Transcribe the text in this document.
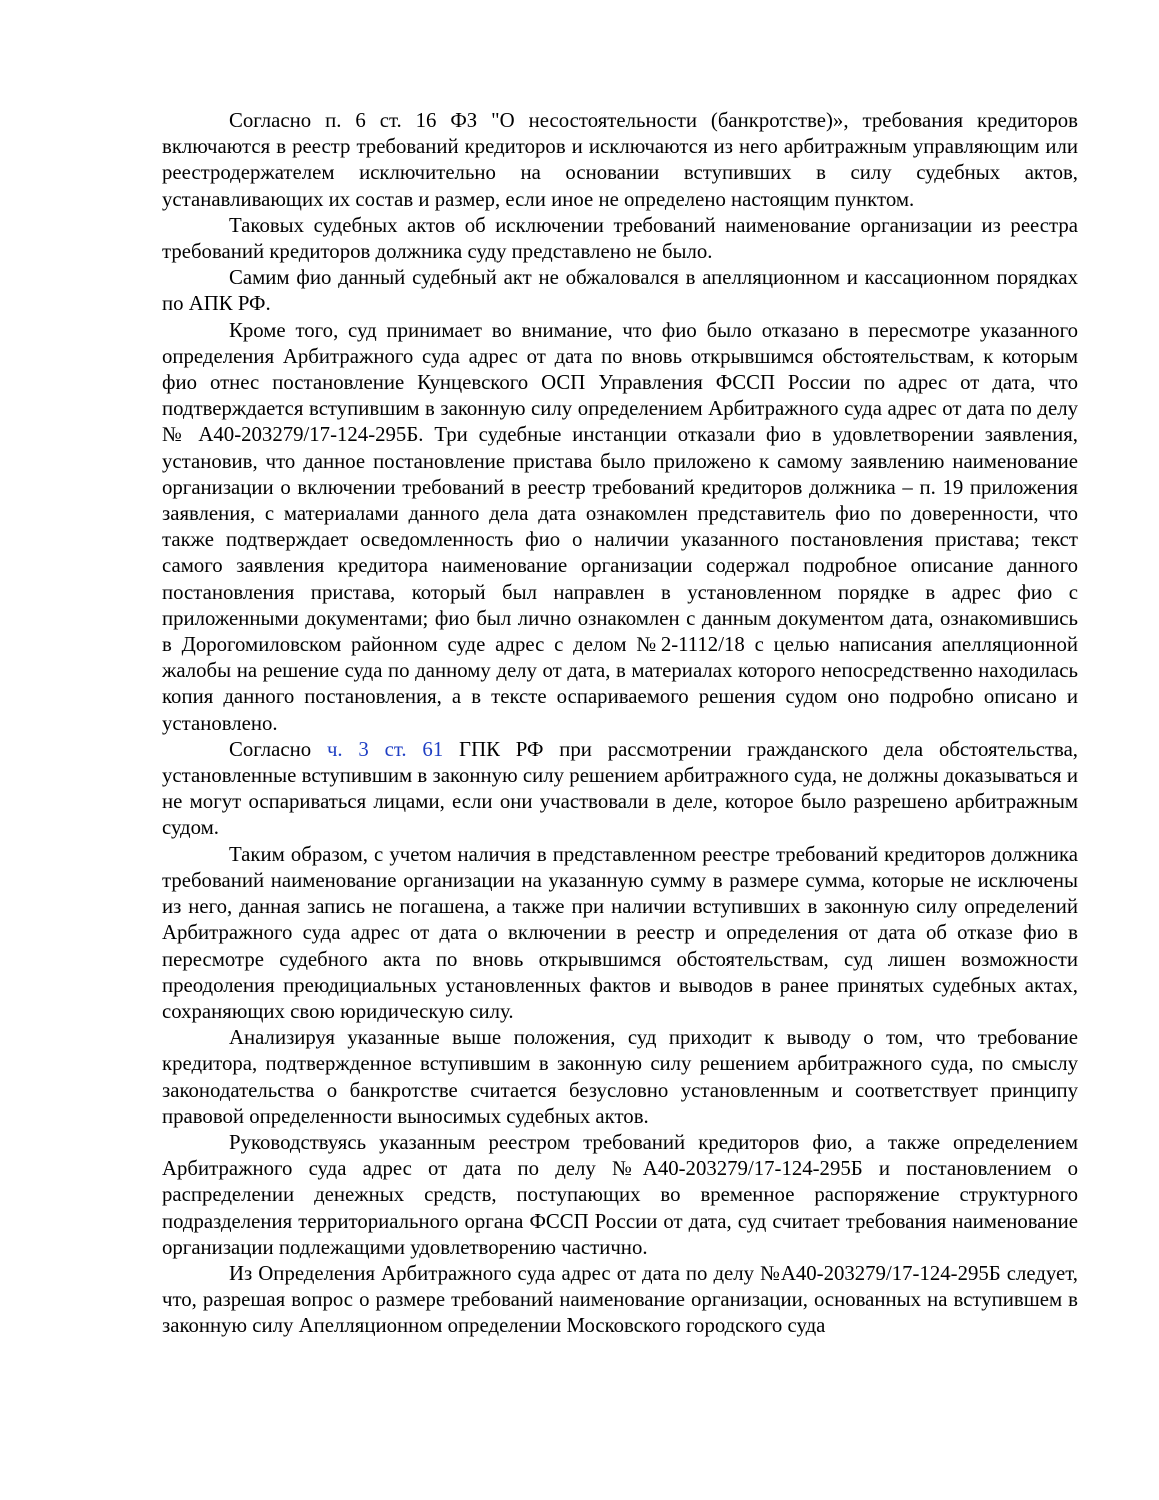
Согласно п. 6 ст. 16 ФЗ "О несостоятельности (банкротстве)», требования кредиторов включаются в реестр требований кредиторов и исключаются из него арбитражным управляющим или реестродержателем исключительно на основании вступивших в силу судебных актов, устанавливающих их состав и размер, если иное не определено настоящим пунктом.

Таковых судебных актов об исключении требований наименование организации из реестра требований кредиторов должника суду представлено не было.

Самим фио данный судебный акт не обжаловался в апелляционном и кассационном порядках по АПК РФ.

Кроме того, суд принимает во внимание, что фио было отказано в пересмотре указанного определения Арбитражного суда адрес от дата по вновь открывшимся обстоятельствам, к которым фио отнес постановление Кунцевского ОСП Управления ФССП России по адрес от дата, что подтверждается вступившим в законную силу определением Арбитражного суда адрес от дата по делу № А40-203279/17-124-295Б. Три судебные инстанции отказали фио в удовлетворении заявления, установив, что данное постановление пристава было приложено к самому заявлению наименование организации о включении требований в реестр требований кредиторов должника – п. 19 приложения заявления, с материалами данного дела дата ознакомлен представитель фио по доверенности, что также подтверждает осведомленность фио о наличии указанного постановления пристава; текст самого заявления кредитора наименование организации содержал подробное описание данного постановления пристава, который был направлен в установленном порядке в адрес фио с приложенными документами; фио был лично ознакомлен с данным документом дата, ознакомившись в Дорогомиловском районном суде адрес с делом №2-1112/18 с целью написания апелляционной жалобы на решение суда по данному делу от дата, в материалах которого непосредственно находилась копия данного постановления, а в тексте оспариваемого решения судом оно подробно описано и установлено.

Согласно ч. 3 ст. 61 ГПК РФ при рассмотрении гражданского дела обстоятельства, установленные вступившим в законную силу решением арбитражного суда, не должны доказываться и не могут оспариваться лицами, если они участвовали в деле, которое было разрешено арбитражным судом.

Таким образом, с учетом наличия в представленном реестре требований кредиторов должника требований наименование организации на указанную сумму в размере сумма, которые не исключены из него, данная запись не погашена, а также при наличии вступивших в законную силу определений Арбитражного суда адрес от дата о включении в реестр и определения от дата об отказе фио в пересмотре судебного акта по вновь открывшимся обстоятельствам, суд лишен возможности преодоления преюдициальных установленных фактов и выводов в ранее принятых судебных актах, сохраняющих свою юридическую силу.

Анализируя указанные выше положения, суд приходит к выводу о том, что требование кредитора, подтвержденное вступившим в законную силу решением арбитражного суда, по смыслу законодательства о банкротстве считается безусловно установленным и соответствует принципу правовой определенности выносимых судебных актов.

Руководствуясь указанным реестром требований кредиторов фио, а также определением Арбитражного суда адрес от дата по делу №А40-203279/17-124-295Б и постановлением о распределении денежных средств, поступающих во временное распоряжение структурного подразделения территориального органа ФССП России от дата, суд считает требования наименование организации подлежащими удовлетворению частично.

Из Определения Арбитражного суда адрес от дата по делу №А40-203279/17-124-295Б следует, что, разрешая вопрос о размере требований наименование организации, основанных на вступившем в законную силу Апелляционном определении Московского городского суда
